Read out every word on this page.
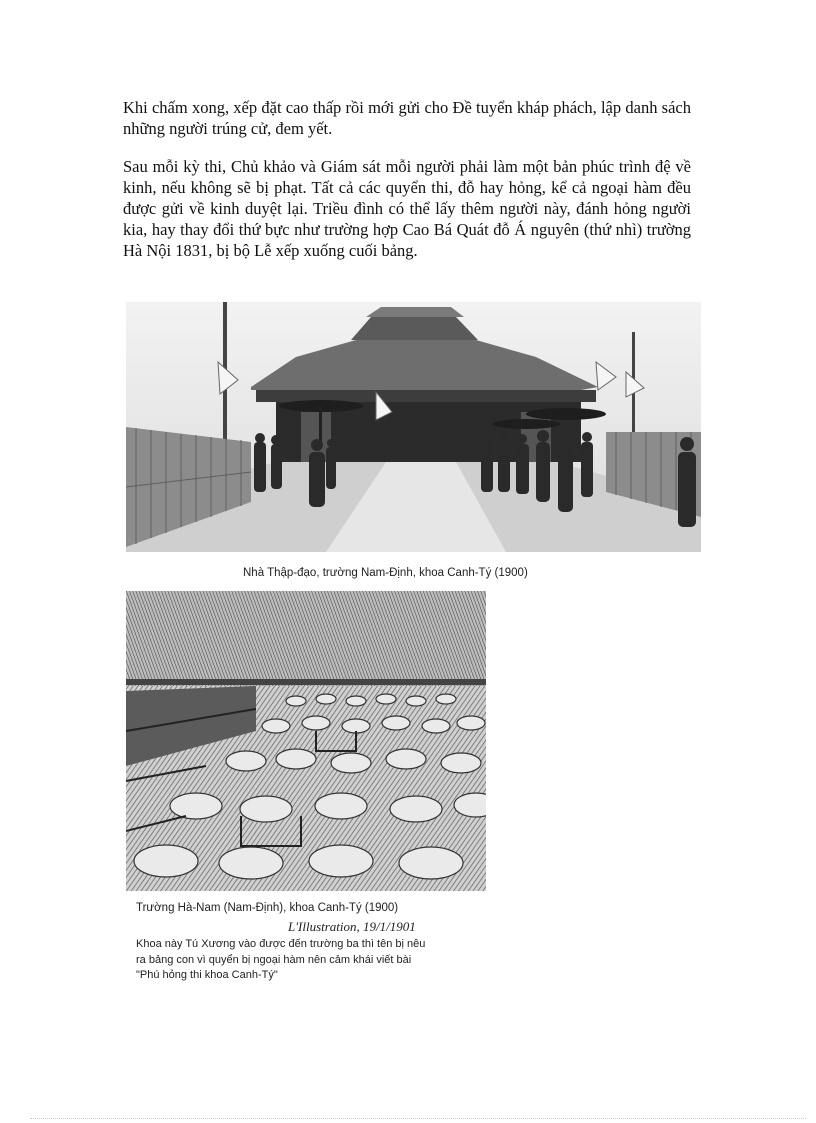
Khi chấm xong, xếp đặt cao thấp rồi mới gửi cho Đề tuyển kháp phách, lập danh sách những người trúng cử, đem yết.

Sau mỗi kỳ thi, Chủ khảo và Giám sát mỗi người phải làm một bản phúc trình đệ về kinh, nếu không sẽ bị phạt. Tất cả các quyển thi, đỗ hay hỏng, kể cả ngoại hàm đều được gửi về kinh duyệt lại. Triều đình có thể lấy thêm người này, đánh hỏng người kia, hay thay đổi thứ bực như trường hợp Cao Bá Quát đỗ Á nguyên (thứ nhì) trường Hà Nội 1831, bị bộ Lễ xếp xuống cuối bảng.

Nhà Thập-đạo, trường Nam-Định, khoa Canh-Tý (1900)
Trường Hà-Nam (Nam-Định), khoa Canh-Tý (1900)
L'Illustration, 19/1/1901
Khoa này Tú Xương vào được đến trường ba thì tên bị nêu
ra bảng con vì quyển bị ngoại hàm nên cảm khái viết bài
"Phú hỏng thi khoa Canh-Tý"
